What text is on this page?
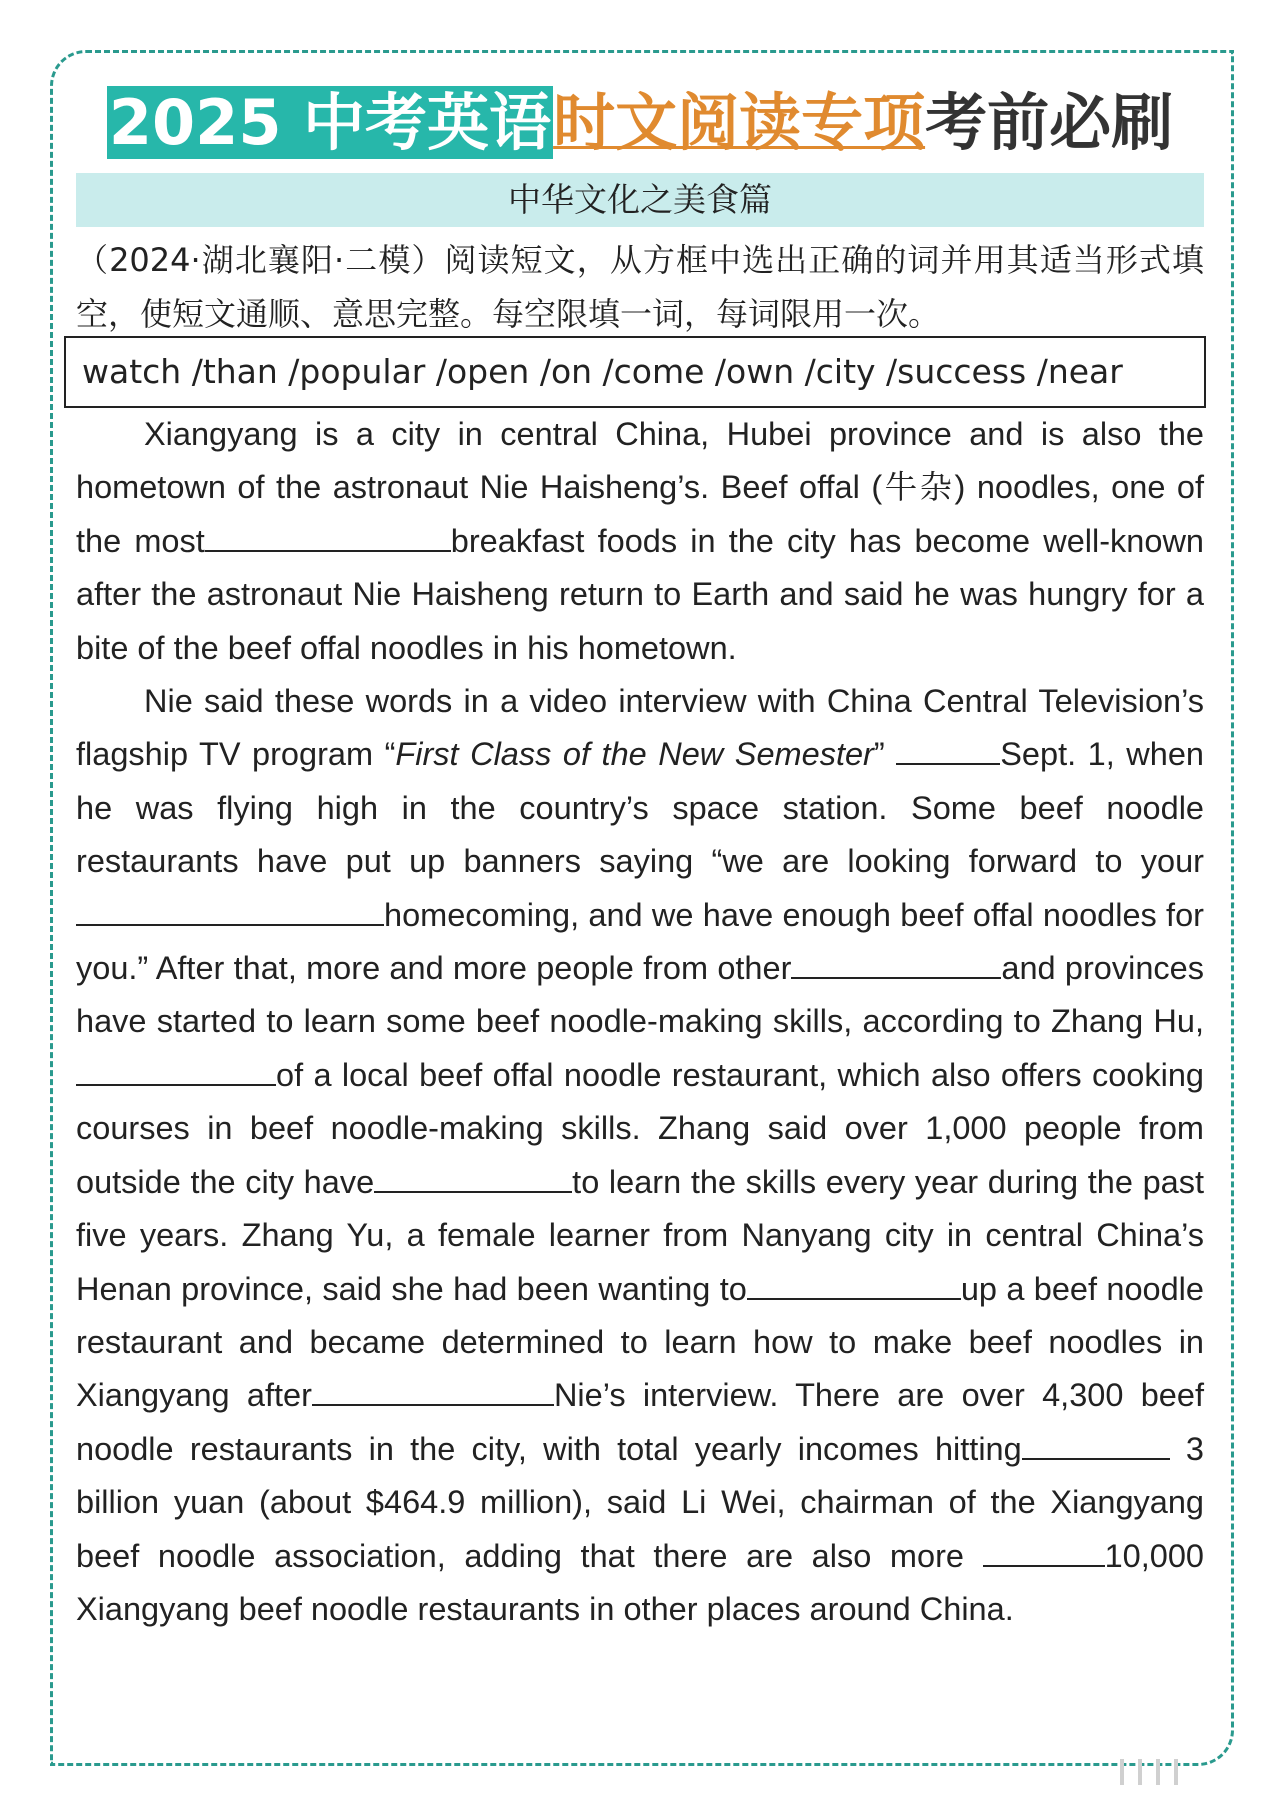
2025 中考英语时文阅读专项考前必刷
中华文化之美食篇
（2024·湖北襄阳·二模）阅读短文，从方框中选出正确的词并用其适当形式填空，使短文通顺、意思完整。每空限填一词，每词限用一次。
watch /than /popular /open /on /come /own /city /success /near

Xiangyang is a city in central China, Hubei province and is also the hometown of the astronaut Nie Haisheng’s. Beef offal (牛杂) noodles, one of the most	breakfast foods in the city has become well-known after the astronaut Nie Haisheng return to Earth and said he was hungry for a bite of the beef offal noodles in his hometown.

Nie said these words in a video interview with China Central Television’s flagship TV program “First Class of the New Semester”	Sept. 1, when he was flying high in the country’s space station. Some beef noodle restaurants have put up banners saying “we are looking forward to yourhomecoming, and we have enough beef offal noodles for you.” After that, more and more people from other	and provinces have started to learn some beef noodle-making skills, according to Zhang Hu,of a local beef offal noodle restaurant, which also offers cooking courses in beef noodle-making skills. Zhang said over 1,000 people from outside the city have	to learn the skills every year during the past five years. Zhang Yu, a female learner from Nanyang city in central China’s Henan province, said she had been wanting to	up a beef noodle restaurant and became determined to learn how to make beef noodles in Xiangyang after	Nie’s interview. There are over 4,300 beef noodle restaurants in the city, with total yearly incomes hitting	3 billion yuan (about $464.9 million), said Li Wei, chairman of the Xiangyang beef noodle association, adding that there are also more	10,000 Xiangyang beef noodle restaurants in other places around China.
